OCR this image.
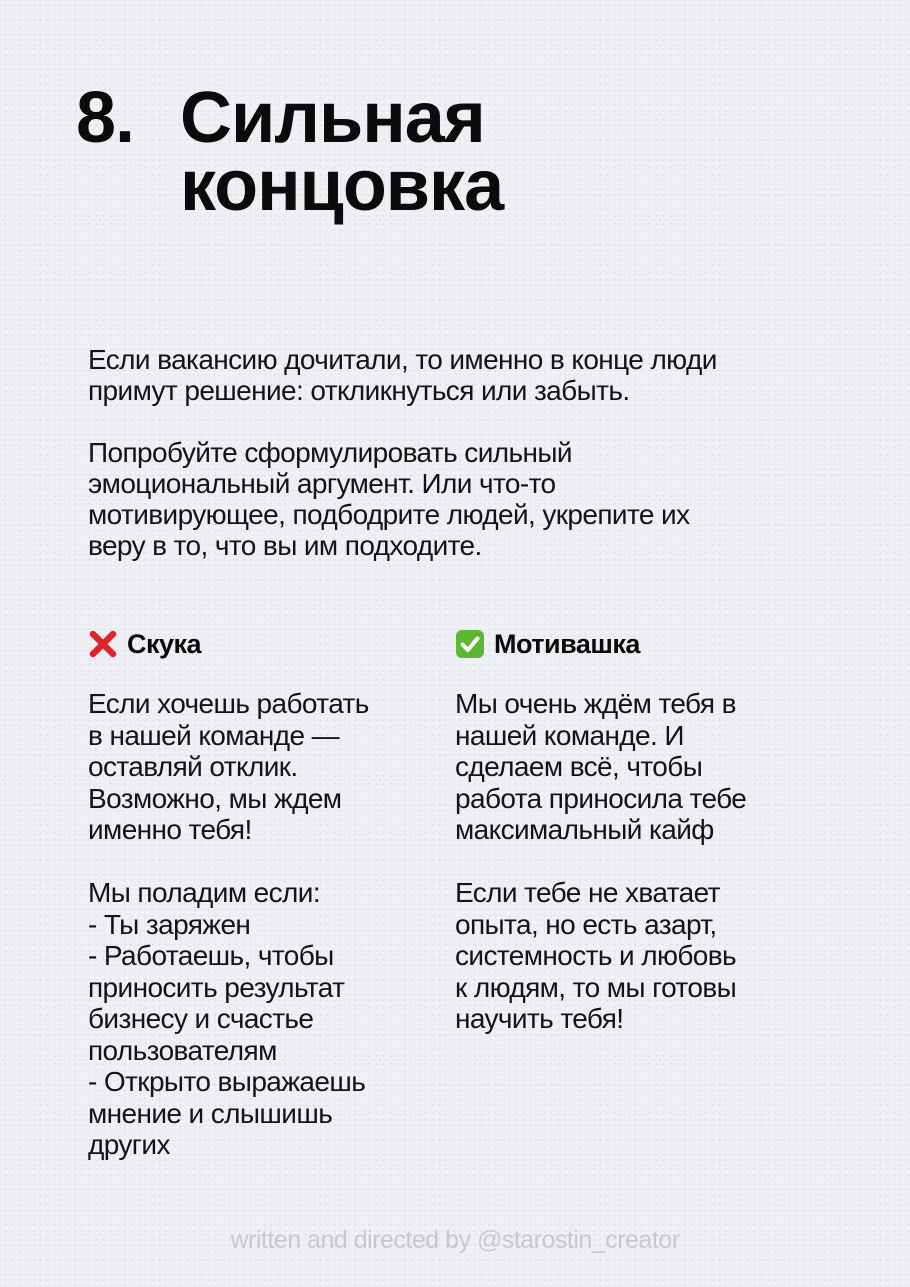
8. Сильная
концовка

Если вакансию дочитали, то именно в конце люди
примут решение: откликнуться или забыть.

Попробуйте сформулировать сильный
эмоциональный аргумент. Или что-то
мотивирующее, подбодрите людей, укрепите их
веру в то, что вы им подходите.

Скука

Если хочешь работать
в нашей команде —
оставляй отклик.
Возможно, мы ждем
именно тебя!

Мы поладим если:
- Ты заряжен
- Работаешь, чтобы
приносить результат
бизнесу и счастье
пользователям
- Открыто выражаешь
мнение и слышишь
других

Мотивашка

Мы очень ждём тебя в
нашей команде. И
сделаем всё, чтобы
работа приносила тебе
максимальный кайф

Если тебе не хватает
опыта, но есть азарт,
системность и любовь
к людям, то мы готовы
научить тебя!

written and directed by @starostin_creator
